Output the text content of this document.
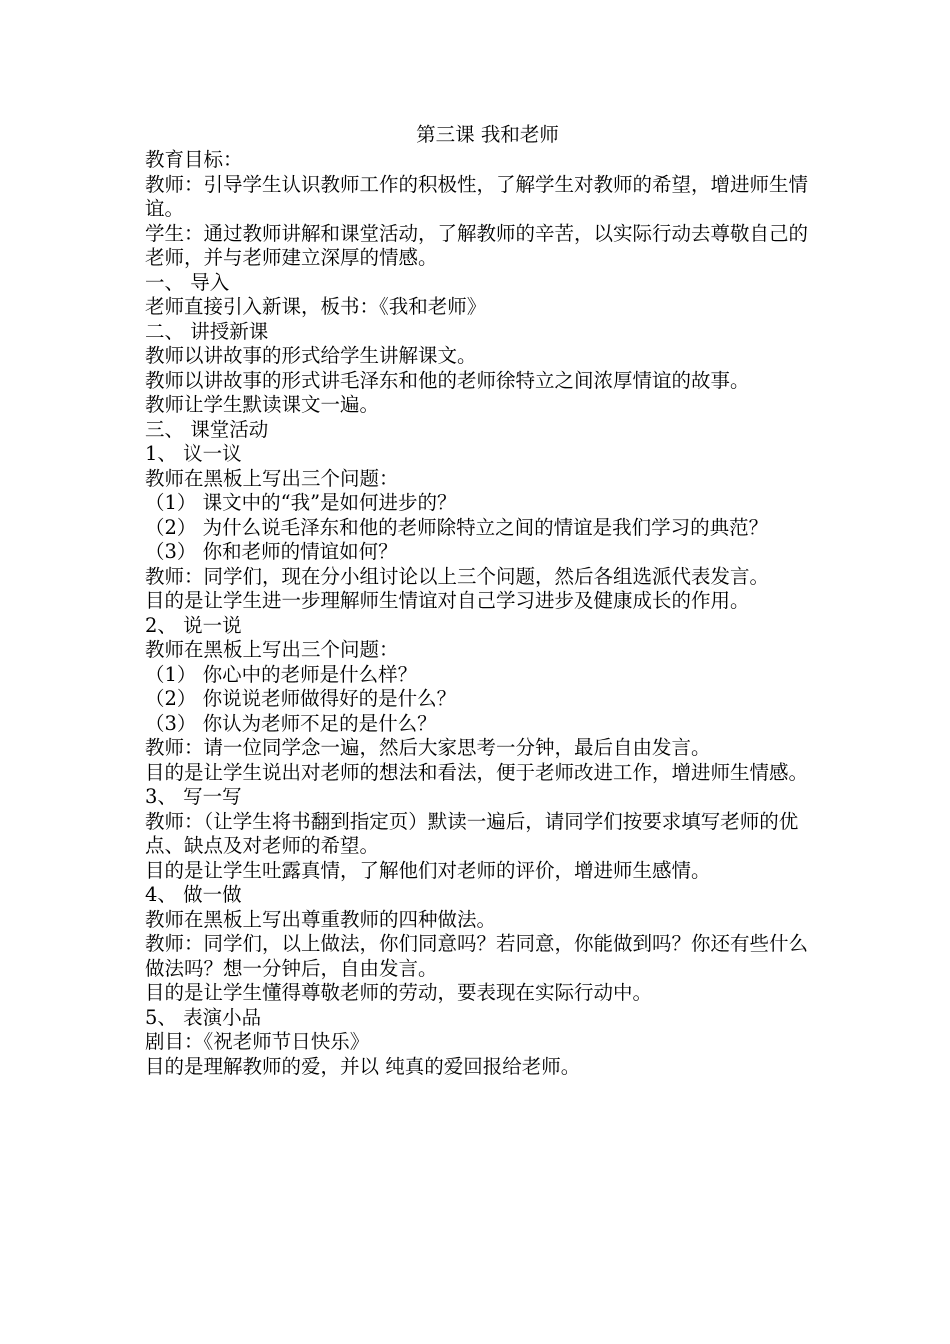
第三课 我和老师

教育目标：

教师：引导学生认识教师工作的积极性，了解学生对教师的希望，增进师生情谊。

学生：通过教师讲解和课堂活动，了解教师的辛苦，以实际行动去尊敬自己的老师，并与老师建立深厚的情感。

一、 导入

老师直接引入新课，板书：《我和老师》

二、 讲授新课

教师以讲故事的形式给学生讲解课文。

教师以讲故事的形式讲毛泽东和他的老师徐特立之间浓厚情谊的故事。

教师让学生默读课文一遍。

三、 课堂活动

1、 议一议

教师在黑板上写出三个问题：

（1） 课文中的“我”是如何进步的？

（2） 为什么说毛泽东和他的老师除特立之间的情谊是我们学习的典范？

（3） 你和老师的情谊如何？

教师：同学们，现在分小组讨论以上三个问题，然后各组选派代表发言。

目的是让学生进一步理解师生情谊对自己学习进步及健康成长的作用。

2、 说一说

教师在黑板上写出三个问题：

（1） 你心中的老师是什么样？

（2） 你说说老师做得好的是什么？

（3） 你认为老师不足的是什么？

教师：请一位同学念一遍，然后大家思考一分钟，最后自由发言。

目的是让学生说出对老师的想法和看法，便于老师改进工作，增进师生情感。

3、 写一写

教师：（让学生将书翻到指定页）默读一遍后，请同学们按要求填写老师的优点、缺点及对老师的希望。

目的是让学生吐露真情，了解他们对老师的评价，增进师生感情。

4、 做一做

教师在黑板上写出尊重教师的四种做法。

教师：同学们，以上做法，你们同意吗？若同意，你能做到吗？你还有些什么做法吗？想一分钟后，自由发言。

目的是让学生懂得尊敬老师的劳动，要表现在实际行动中。

5、 表演小品

剧目：《祝老师节日快乐》

目的是理解教师的爱，并以 纯真的爱回报给老师。
